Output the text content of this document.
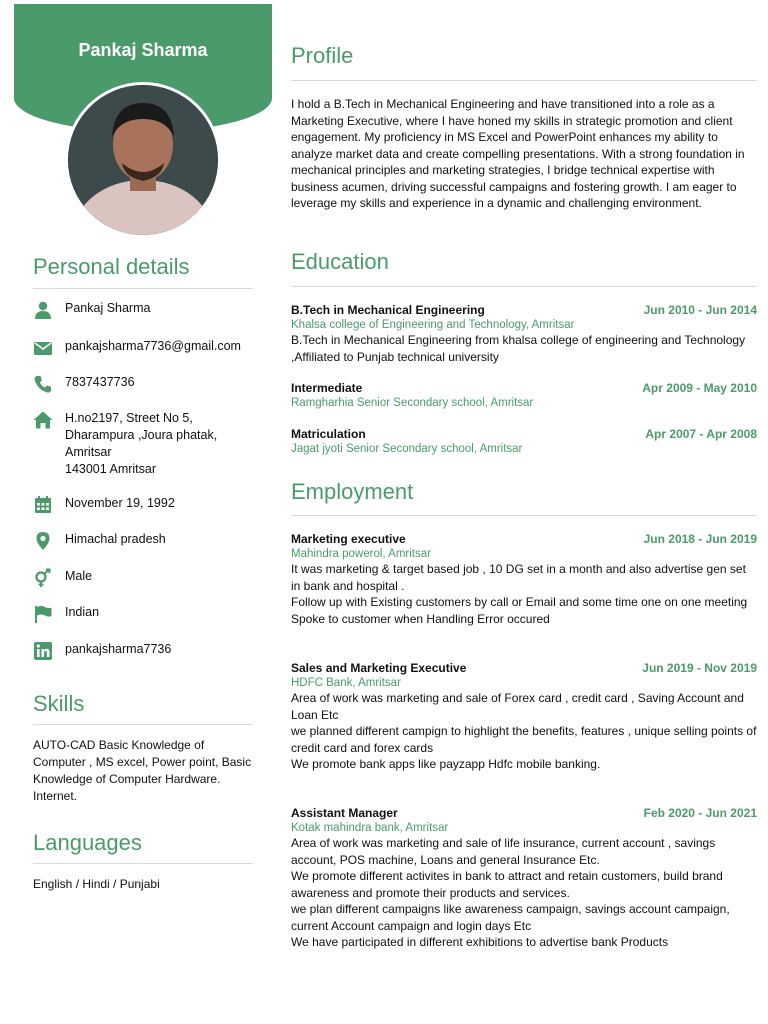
Pankaj Sharma
Personal details
Pankaj Sharma
pankajsharma7736@gmail.com
7837437736
H.no2197, Street No 5,
Dharampura ,Joura phatak,
Amritsar
143001 Amritsar
November 19, 1992
Himachal pradesh
Male
Indian
pankajsharma7736
Skills
AUTO-CAD Basic Knowledge of Computer , MS excel, Power point, Basic Knowledge of Computer Hardware. Internet.
Languages
English / Hindi / Punjabi
Profile
I hold a B.Tech in Mechanical Engineering and have transitioned into a role as a Marketing Executive, where I have honed my skills in strategic promotion and client engagement. My proficiency in MS Excel and PowerPoint enhances my ability to analyze market data and create compelling presentations. With a strong foundation in mechanical principles and marketing strategies, I bridge technical expertise with business acumen, driving successful campaigns and fostering growth. I am eager to leverage my skills and experience in a dynamic and challenging environment.
Education
B.Tech in Mechanical Engineering	Jun 2010 - Jun 2014
Khalsa college of Engineering and Technology, Amritsar
B.Tech in Mechanical Engineering from khalsa college of engineering and Technology ,Affiliated to Punjab technical university
Intermediate	Apr 2009 - May 2010
Ramgharhia Senior Secondary school, Amritsar
Matriculation	Apr 2007 - Apr 2008
Jagat jyoti Senior Secondary school, Amritsar
Employment
Marketing executive	Jun 2018 - Jun 2019
Mahindra powerol, Amritsar
It was marketing & target based job , 10 DG set in a month and also advertise gen set in bank and hospital .
Follow up with Existing customers by call or Email and some time one on one meeting
Spoke to customer when Handling Error occured
Sales and Marketing Executive	Jun 2019 - Nov 2019
HDFC Bank, Amritsar
Area of work was marketing and sale of Forex card , credit card , Saving Account and Loan Etc
we planned different campign to highlight the benefits, features , unique selling points of credit card and forex cards
We promote bank apps like payzapp Hdfc mobile banking.
Assistant Manager	Feb 2020 - Jun 2021
Kotak mahindra bank, Amritsar
Area of work was marketing and sale of life insurance, current account , savings account, POS machine, Loans and general Insurance Etc.
We promote different activites in bank to attract and retain customers, build brand awareness and promote their products and services.
we plan different campaigns like awareness campaign, savings account campaign, current Account campaign and login days Etc
We have participated in different exhibitions to advertise bank Products
